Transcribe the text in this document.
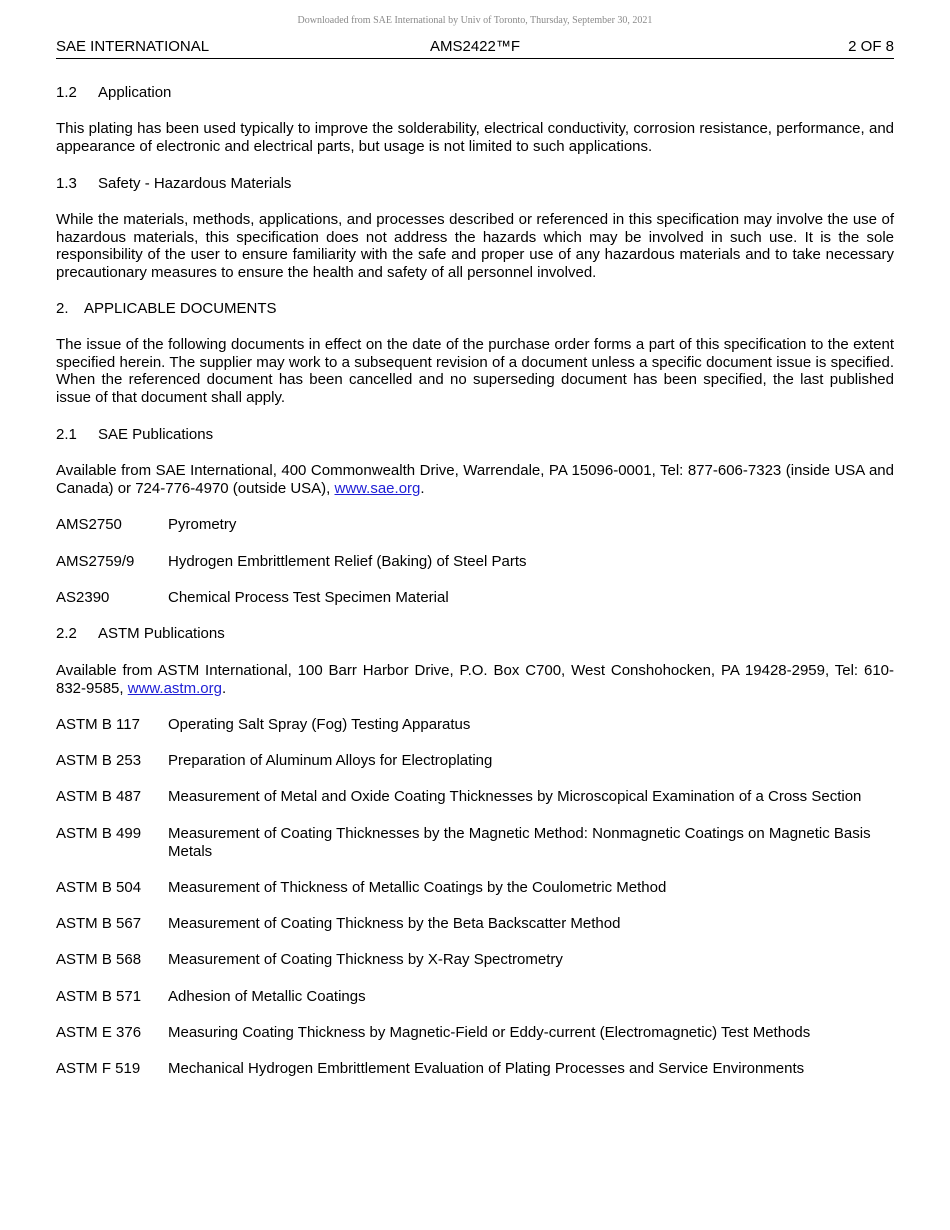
Downloaded from SAE International by Univ of Toronto, Thursday, September 30, 2021
SAE INTERNATIONAL	AMS2422™F	2 OF 8
1.2 Application
This plating has been used typically to improve the solderability, electrical conductivity, corrosion resistance, performance, and appearance of electronic and electrical parts, but usage is not limited to such applications.
1.3 Safety - Hazardous Materials
While the materials, methods, applications, and processes described or referenced in this specification may involve the use of hazardous materials, this specification does not address the hazards which may be involved in such use. It is the sole responsibility of the user to ensure familiarity with the safe and proper use of any hazardous materials and to take necessary precautionary measures to ensure the health and safety of all personnel involved.
2. APPLICABLE DOCUMENTS
The issue of the following documents in effect on the date of the purchase order forms a part of this specification to the extent specified herein. The supplier may work to a subsequent revision of a document unless a specific document issue is specified. When the referenced document has been cancelled and no superseding document has been specified, the last published issue of that document shall apply.
2.1 SAE Publications
Available from SAE International, 400 Commonwealth Drive, Warrendale, PA 15096-0001, Tel: 877-606-7323 (inside USA and Canada) or 724-776-4970 (outside USA), www.sae.org.
AMS2750	Pyrometry
AMS2759/9 Hydrogen Embrittlement Relief (Baking) of Steel Parts
AS2390	Chemical Process Test Specimen Material
2.2 ASTM Publications
Available from ASTM International, 100 Barr Harbor Drive, P.O. Box C700, West Conshohocken, PA 19428-2959, Tel: 610-832-9585, www.astm.org.
ASTM B 117 Operating Salt Spray (Fog) Testing Apparatus
ASTM B 253 Preparation of Aluminum Alloys for Electroplating
ASTM B 487 Measurement of Metal and Oxide Coating Thicknesses by Microscopical Examination of a Cross Section
ASTM B 499 Measurement of Coating Thicknesses by the Magnetic Method: Nonmagnetic Coatings on Magnetic Basis Metals
ASTM B 504 Measurement of Thickness of Metallic Coatings by the Coulometric Method
ASTM B 567 Measurement of Coating Thickness by the Beta Backscatter Method
ASTM B 568 Measurement of Coating Thickness by X-Ray Spectrometry
ASTM B 571 Adhesion of Metallic Coatings
ASTM E 376 Measuring Coating Thickness by Magnetic-Field or Eddy-current (Electromagnetic) Test Methods
ASTM F 519 Mechanical Hydrogen Embrittlement Evaluation of Plating Processes and Service Environments
